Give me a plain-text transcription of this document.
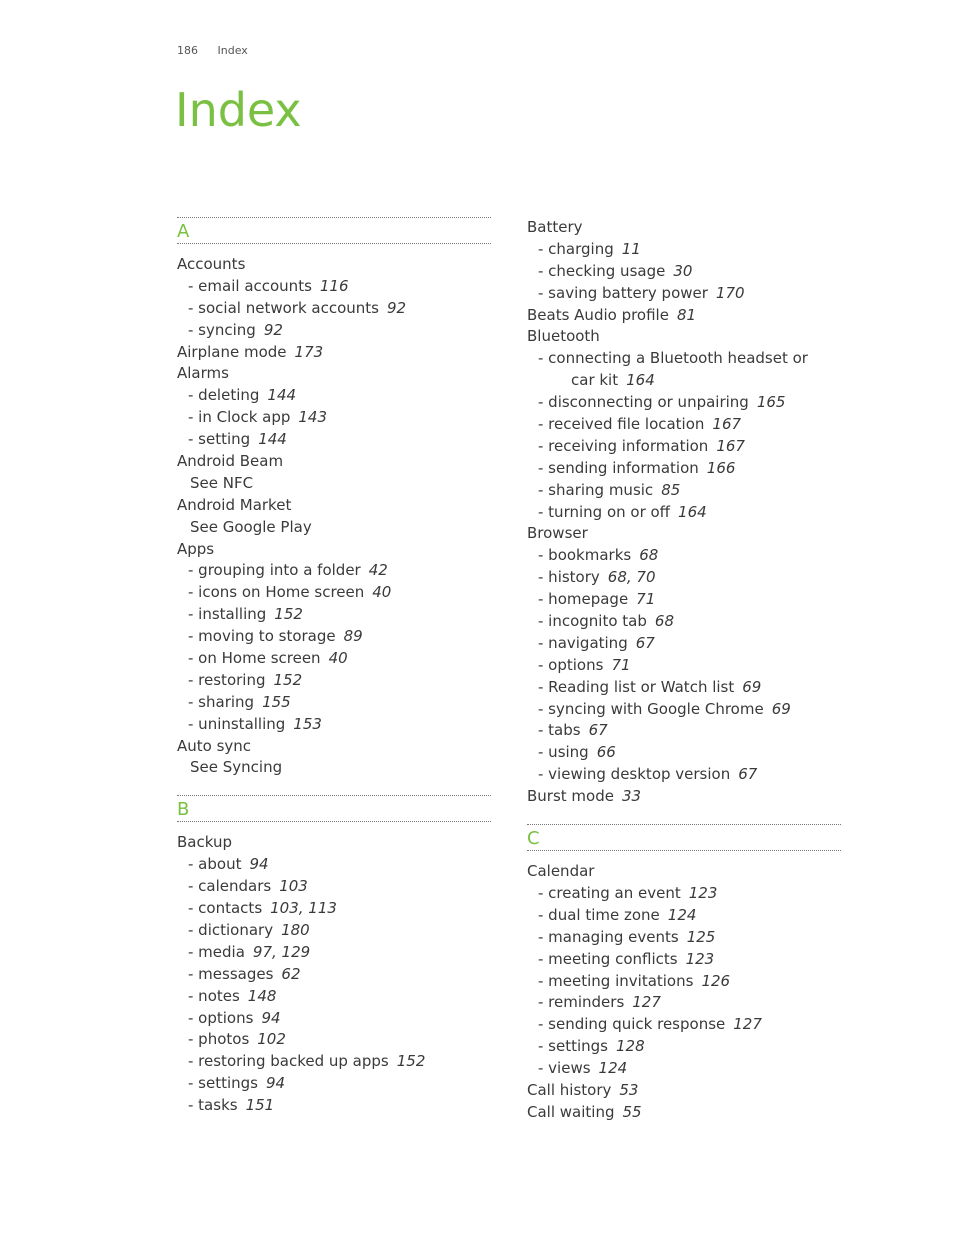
186 Index
Index
A
Accounts
- email accounts 116
- social network accounts 92
- syncing 92
Airplane mode 173
Alarms
- deleting 144
- in Clock app 143
- setting 144
Android Beam
See NFC
Android Market
See Google Play
Apps
- grouping into a folder 42
- icons on Home screen 40
- installing 152
- moving to storage 89
- on Home screen 40
- restoring 152
- sharing 155
- uninstalling 153
Auto sync
See Syncing
B
Backup
- about 94
- calendars 103
- contacts 103, 113
- dictionary 180
- media 97, 129
- messages 62
- notes 148
- options 94
- photos 102
- restoring backed up apps 152
- settings 94
- tasks 151
Battery
- charging 11
- checking usage 30
- saving battery power 170
Beats Audio profile 81
Bluetooth
- connecting a Bluetooth headset or
car kit 164
- disconnecting or unpairing 165
- received file location 167
- receiving information 167
- sending information 166
- sharing music 85
- turning on or off 164
Browser
- bookmarks 68
- history 68, 70
- homepage 71
- incognito tab 68
- navigating 67
- options 71
- Reading list or Watch list 69
- syncing with Google Chrome 69
- tabs 67
- using 66
- viewing desktop version 67
Burst mode 33
C
Calendar
- creating an event 123
- dual time zone 124
- managing events 125
- meeting conflicts 123
- meeting invitations 126
- reminders 127
- sending quick response 127
- settings 128
- views 124
Call history 53
Call waiting 55
